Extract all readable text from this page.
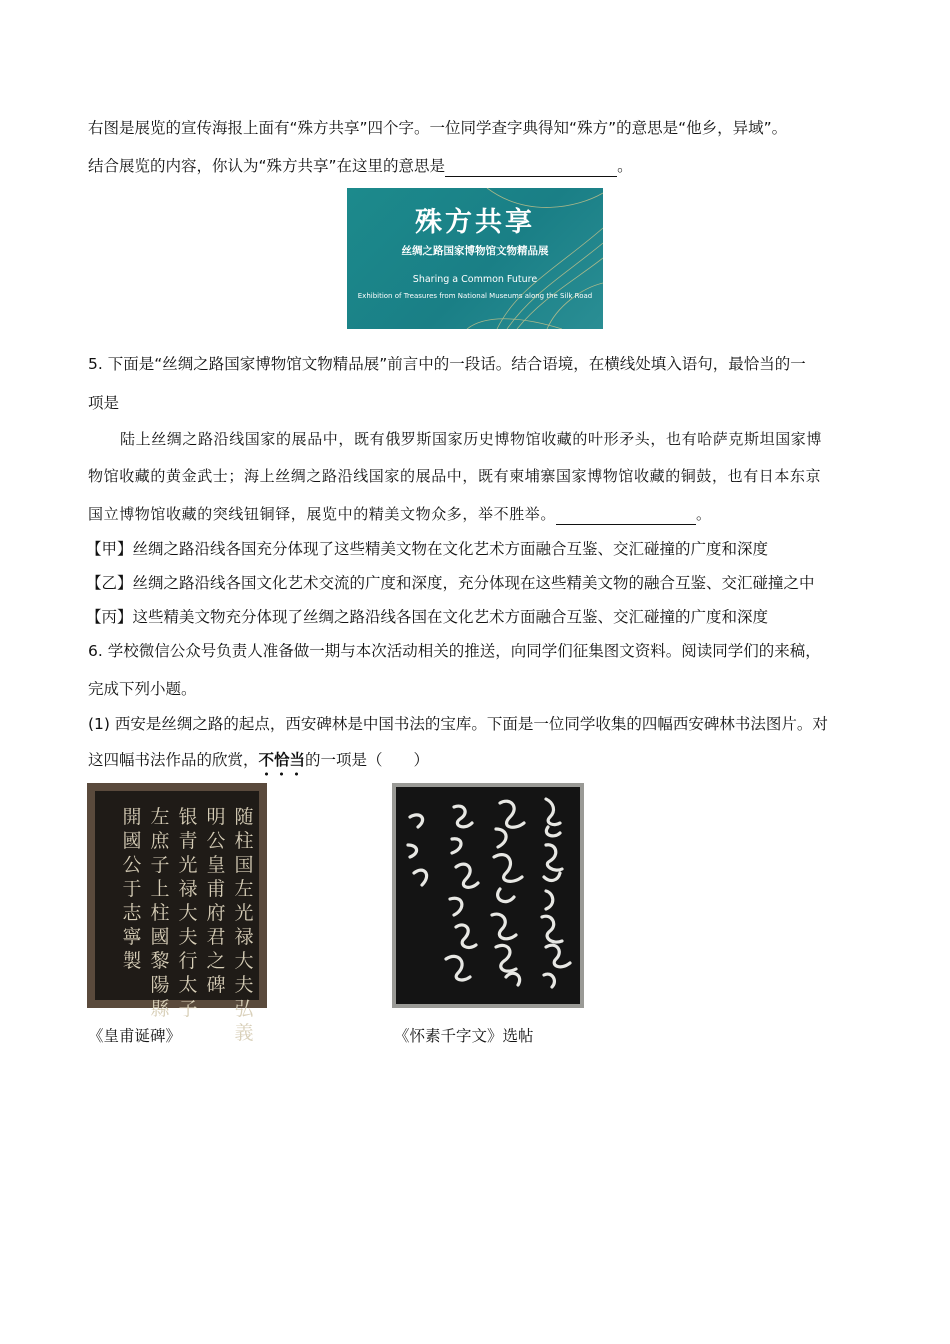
右图是展览的宣传海报上面有“殊方共享”四个字。一位同学查字典得知“殊方”的意思是“他乡，异域”。
结合展览的内容，你认为“殊方共享”在这里的意思是	。
殊方共享
丝绸之路国家博物馆文物精品展
Sharing a Common Future
Exhibition of Treasures from National Museums along the Silk Road
5. 下面是“丝绸之路国家博物馆文物精品展”前言中的一段话。结合语境，在横线处填入语句，最恰当的一
项是
陆上丝绸之路沿线国家的展品中，既有俄罗斯国家历史博物馆收藏的叶形矛头，也有哈萨克斯坦国家博
物馆收藏的黄金武士；海上丝绸之路沿线国家的展品中，既有柬埔寨国家博物馆收藏的铜鼓，也有日本东京
国立博物馆收藏的突线钮铜铎，展览中的精美文物众多，举不胜举。	。
【甲】丝绸之路沿线各国充分体现了这些精美文物在文化艺术方面融合互鉴、交汇碰撞的广度和深度
【乙】丝绸之路沿线各国文化艺术交流的广度和深度，充分体现在这些精美文物的融合互鉴、交汇碰撞之中
【丙】这些精美文物充分体现了丝绸之路沿线各国在文化艺术方面融合互鉴、交汇碰撞的广度和深度
6. 学校微信公众号负责人准备做一期与本次活动相关的推送，向同学们征集图文资料。阅读同学们的来稿，
完成下列小题。
(1) 西安是丝绸之路的起点，西安碑林是中国书法的宝库。下面是一位同学收集的四幅西安碑林书法图片。对
这四幅书法作品的欣赏，不恰当的一项是（　　）
随柱国左光禄大夫弘義
明公皇甫府君之碑
银青光禄大夫行太子
左庶子上柱國黎陽縣
開國公于志寧製
《皇甫诞碑》	《怀素千字文》选帖
